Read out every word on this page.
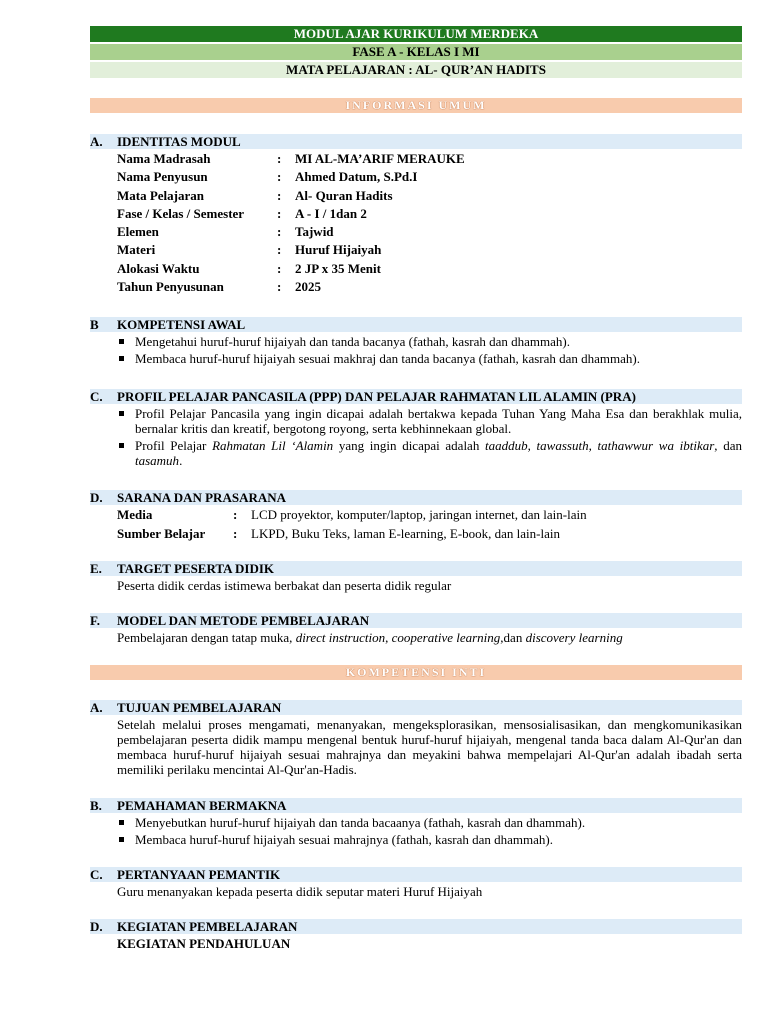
MODUL AJAR KURIKULUM MERDEKA
FASE A - KELAS I MI
MATA PELAJARAN : AL- QUR’AN HADITS
INFORMASI UMUM
A.	IDENTITAS MODUL
Nama Madrasah	:	MI AL-MA’ARIF MERAUKE
Nama Penyusun	:	Ahmed Datum, S.Pd.I
Mata Pelajaran	:	Al- Quran Hadits
Fase / Kelas / Semester	:	A - I / 1dan 2
Elemen	:	Tajwid
Materi	:	Huruf Hijaiyah
Alokasi Waktu	:	2 JP x 35 Menit
Tahun Penyusunan	:	2025
B	KOMPETENSI AWAL
Mengetahui huruf-huruf hijaiyah dan tanda bacanya (fathah, kasrah dan dhammah).
Membaca huruf-huruf hijaiyah sesuai makhraj dan tanda bacanya (fathah, kasrah dan dhammah).
C.	PROFIL PELAJAR PANCASILA (PPP) DAN PELAJAR RAHMATAN LIL ALAMIN (PRA)
Profil Pelajar Pancasila yang ingin dicapai adalah bertakwa kepada Tuhan Yang Maha Esa dan berakhlak mulia, bernalar kritis dan kreatif, bergotong royong, serta kebhinnekaan global.
Profil Pelajar Rahmatan Lil ‘Alamin yang ingin dicapai adalah taaddub, tawassuth, tathawwur wa ibtikar, dan tasamuh.
D.	SARANA DAN PRASARANA
Media	:	LCD proyektor, komputer/laptop, jaringan internet, dan lain-lain
Sumber Belajar	:	LKPD, Buku Teks, laman E-learning, E-book, dan lain-lain
E.	TARGET PESERTA DIDIK

Peserta didik cerdas istimewa berbakat dan peserta didik regular

F.	MODEL DAN METODE PEMBELAJARAN

Pembelajaran dengan tatap muka, direct instruction, cooperative learning,dan discovery learning

KOMPETENSI INTI
A.	TUJUAN PEMBELAJARAN

Setelah melalui proses mengamati, menanyakan, mengeksplorasikan, mensosialisasikan, dan mengkomunikasikan pembelajaran peserta didik mampu mengenal bentuk huruf-huruf hijaiyah, mengenal tanda baca dalam Al-Qur'an dan membaca huruf-huruf hijaiyah sesuai mahrajnya dan meyakini bahwa mempelajari Al-Qur'an adalah ibadah serta memiliki perilaku mencintai Al-Qur'an-Hadis.

B.	PEMAHAMAN BERMAKNA
Menyebutkan huruf-huruf hijaiyah dan tanda bacaanya (fathah, kasrah dan dhammah).
Membaca huruf-huruf hijaiyah sesuai mahrajnya (fathah, kasrah dan dhammah).
C.	PERTANYAAN PEMANTIK

Guru menanyakan kepada peserta didik seputar materi Huruf Hijaiyah

D.	KEGIATAN PEMBELAJARAN

KEGIATAN PENDAHULUAN
